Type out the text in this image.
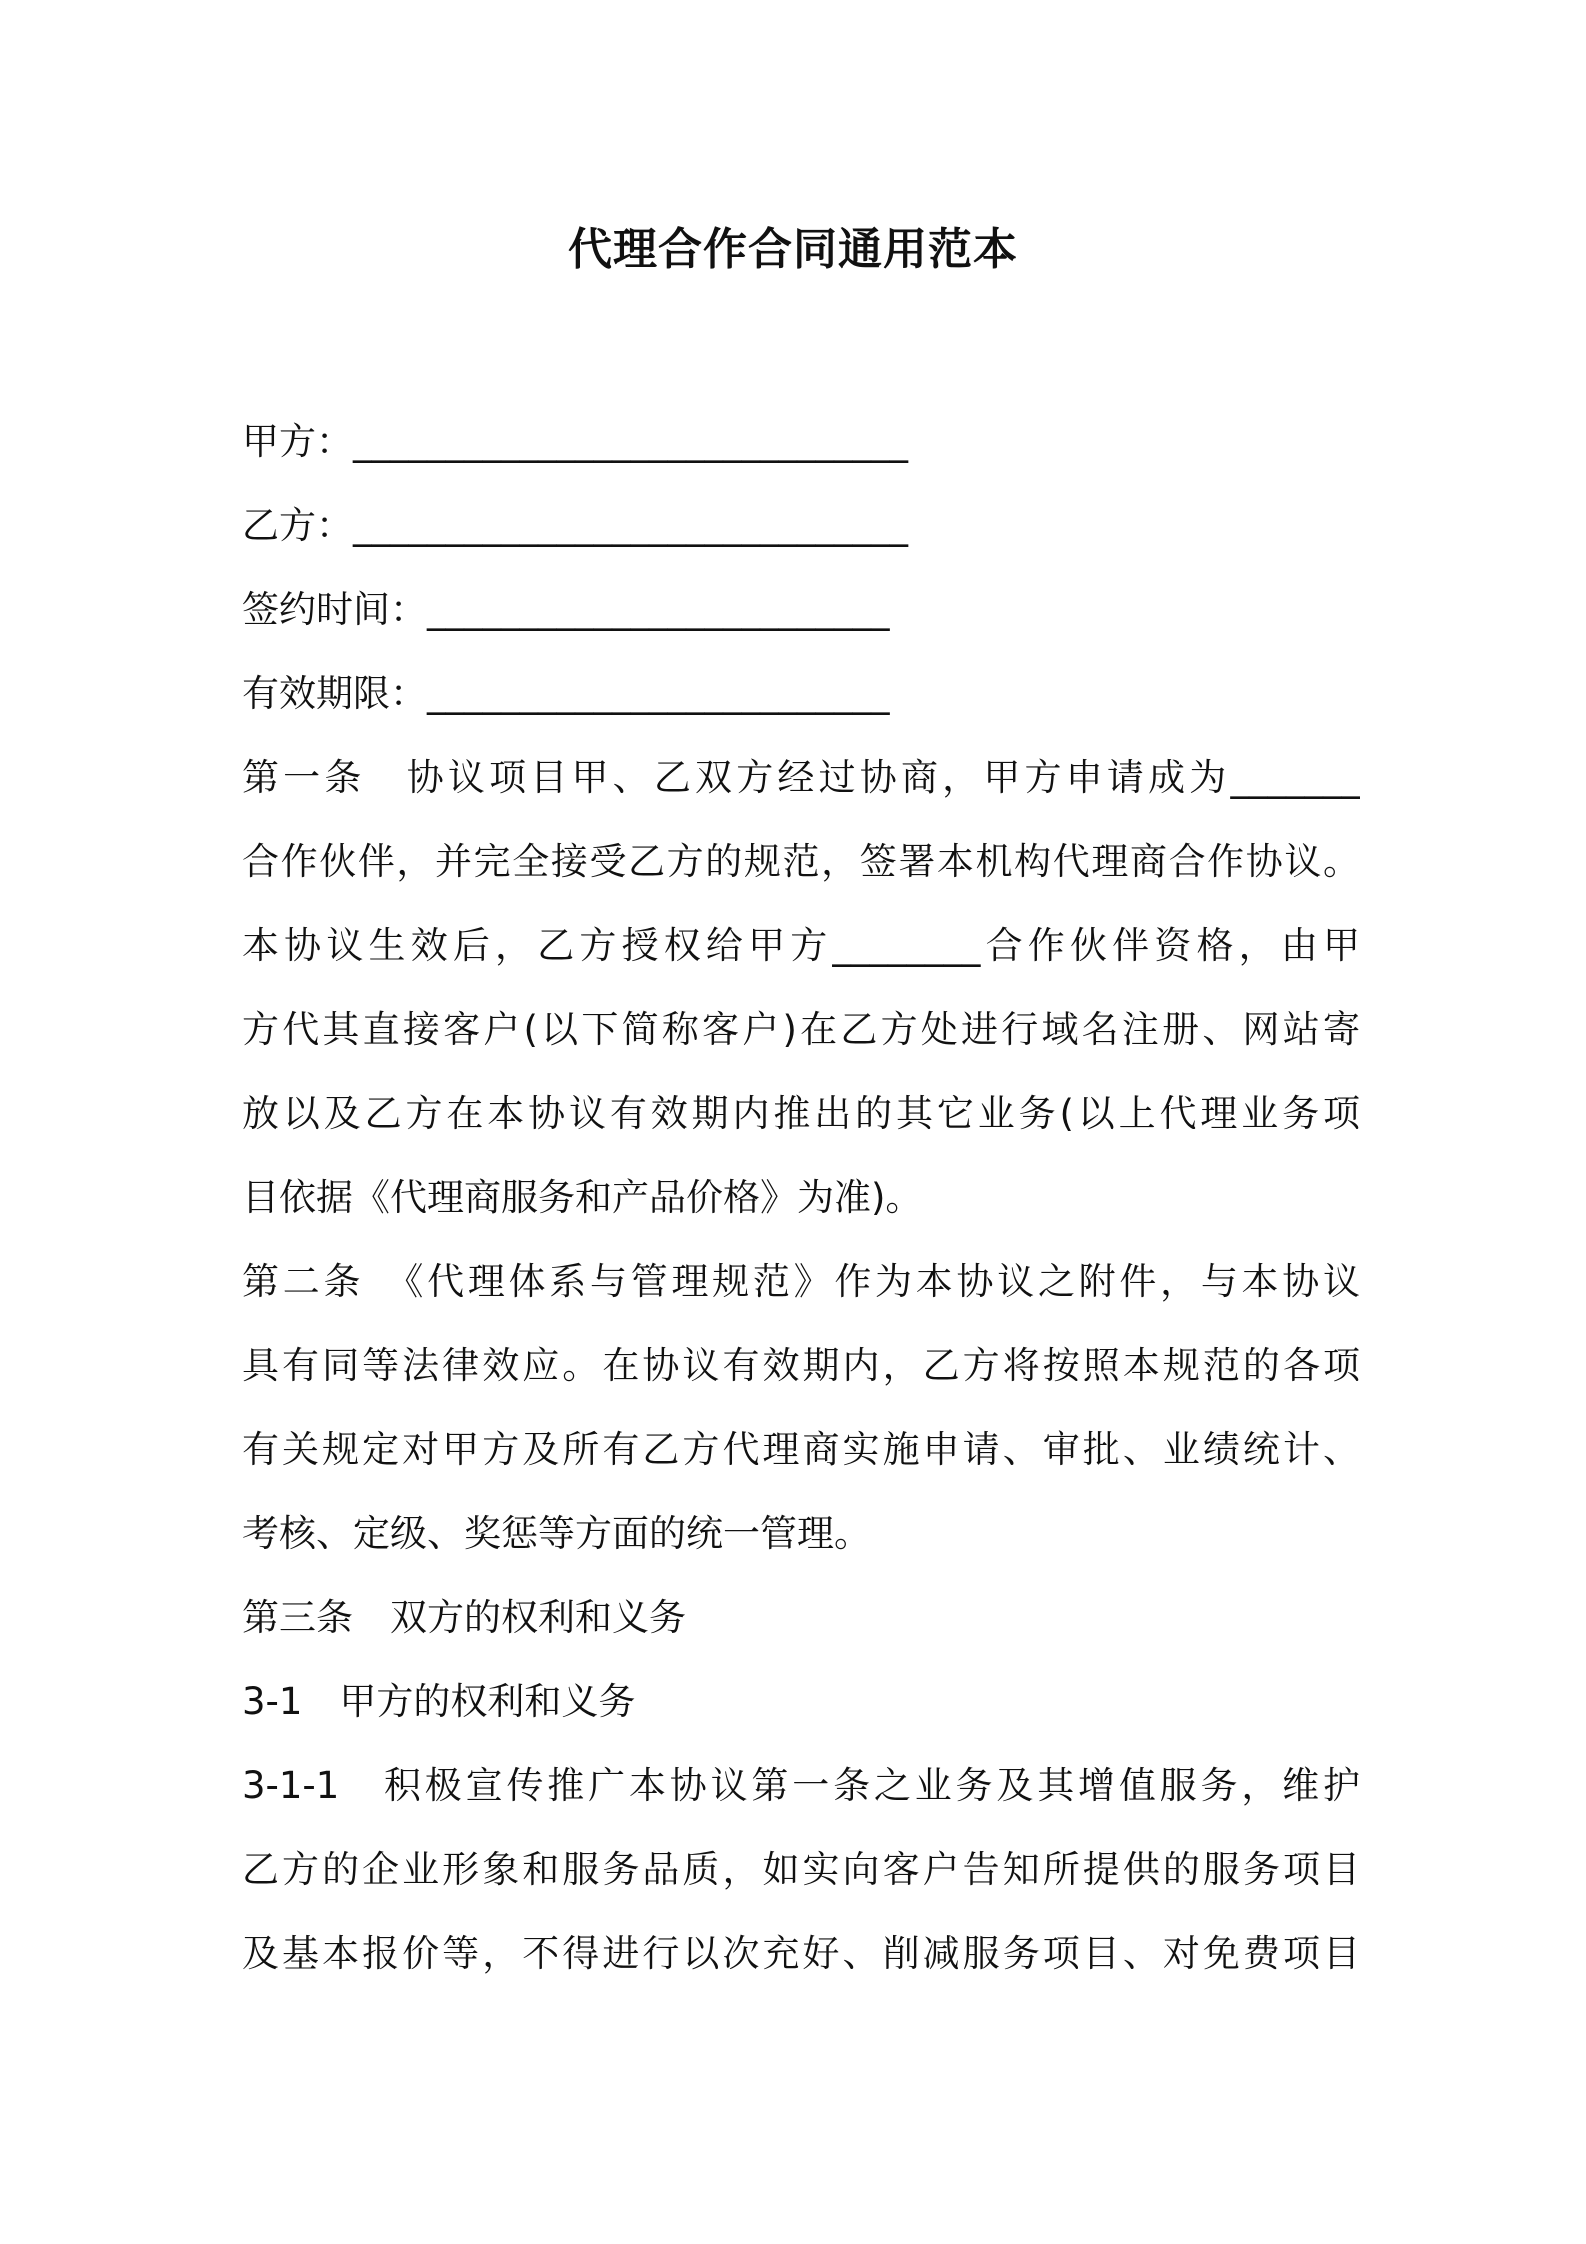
代理合作合同通用范本
甲方：______________________________
乙方：______________________________
签约时间：_________________________
有效期限：_________________________
第一条　协议项目甲、乙双方经过协商，甲方申请成为_______
合作伙伴，并完全接受乙方的规范，签署本机构代理商合作协议。
本协议生效后，乙方授权给甲方________合作伙伴资格，由甲
方代其直接客户(以下简称客户)在乙方处进行域名注册、网站寄
放以及乙方在本协议有效期内推出的其它业务(以上代理业务项
目依据《代理商服务和产品价格》为准)。
第二条　《代理体系与管理规范》作为本协议之附件，与本协议
具有同等法律效应。在协议有效期内，乙方将按照本规范的各项
有关规定对甲方及所有乙方代理商实施申请、审批、业绩统计、
考核、定级、奖惩等方面的统一管理。
第三条　双方的权利和义务
3-1　甲方的权利和义务
3-1-1　积极宣传推广本协议第一条之业务及其增值服务，维护
乙方的企业形象和服务品质，如实向客户告知所提供的服务项目
及基本报价等，不得进行以次充好、削减服务项目、对免费项目
